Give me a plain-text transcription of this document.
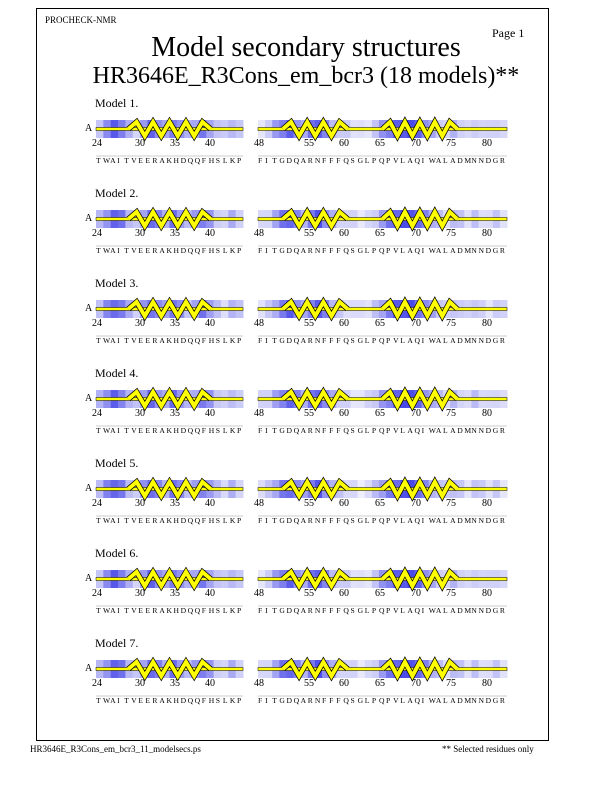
PROCHECK-NMR
Page 1
Model secondary structures
HR3646E_R3Cons_em_bcr3 (18 models)**
Model 1.
A
24	30	35	40
T W A I T V E E R A K H D Q Q F H S L K P
48	55	60	65	70	75	80
F I T G D Q A R N F F F Q S G L P Q P V L A Q I W A L A D M N N D G R
Model 2.
A
24	30	35	40
T W A I T V E E R A K H D Q Q F H S L K P
48	55	60	65	70	75	80
F I T G D Q A R N F F F Q S G L P Q P V L A Q I W A L A D M N N D G R
Model 3.
A
24	30	35	40
T W A I T V E E R A K H D Q Q F H S L K P
48	55	60	65	70	75	80
F I T G D Q A R N F F F Q S G L P Q P V L A Q I W A L A D M N N D G R
Model 4.
A
24	30	35	40
T W A I T V E E R A K H D Q Q F H S L K P
48	55	60	65	70	75	80
F I T G D Q A R N F F F Q S G L P Q P V L A Q I W A L A D M N N D G R
Model 5.
A
24	30	35	40
T W A I T V E E R A K H D Q Q F H S L K P
48	55	60	65	70	75	80
F I T G D Q A R N F F F Q S G L P Q P V L A Q I W A L A D M N N D G R
Model 6.
A
24	30	35	40
T W A I T V E E R A K H D Q Q F H S L K P
48	55	60	65	70	75	80
F I T G D Q A R N F F F Q S G L P Q P V L A Q I W A L A D M N N D G R
Model 7.
A
24	30	35	40
T W A I T V E E R A K H D Q Q F H S L K P
48	55	60	65	70	75	80
F I T G D Q A R N F F F Q S G L P Q P V L A Q I W A L A D M N N D G R
HR3646E_R3Cons_em_bcr3_11_modelsecs.ps	** Selected residues only
